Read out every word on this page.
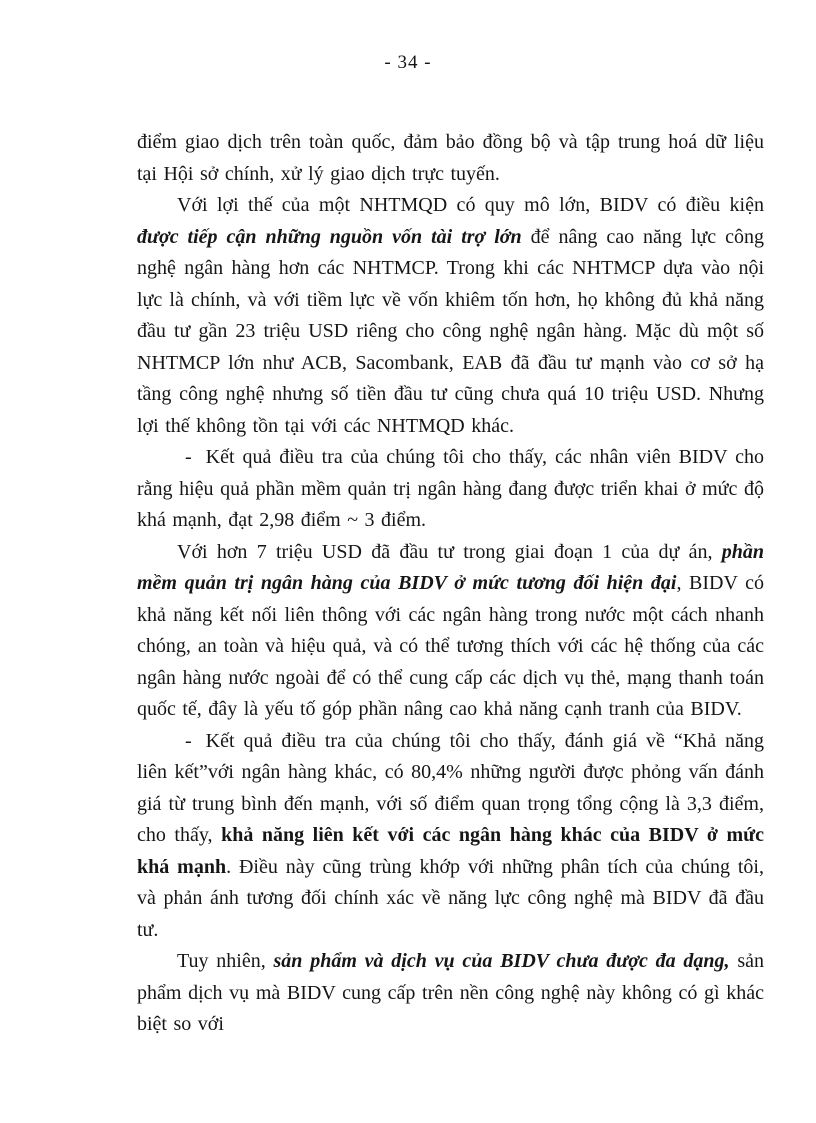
- 34 -

điểm giao dịch trên toàn quốc, đảm bảo đồng bộ và tập trung hoá dữ liệu tại Hội sở chính, xử lý giao dịch trực tuyến.

Với lợi thế của một NHTMQD có quy mô lớn, BIDV có điều kiện được tiếp cận những nguồn vốn tài trợ lớn để nâng cao năng lực công nghệ ngân hàng hơn các NHTMCP. Trong khi các NHTMCP dựa vào nội lực là chính, và với tiềm lực về vốn khiêm tốn hơn, họ không đủ khả năng đầu tư gần 23 triệu USD riêng cho công nghệ ngân hàng. Mặc dù một số NHTMCP lớn như ACB, Sacombank, EAB đã đầu tư mạnh vào cơ sở hạ tầng công nghệ nhưng số tiền đầu tư cũng chưa quá 10 triệu USD. Nhưng lợi thế không tồn tại với các NHTMQD khác.

- Kết quả điều tra của chúng tôi cho thấy, các nhân viên BIDV cho rằng hiệu quả phần mềm quản trị ngân hàng đang được triển khai ở mức độ khá mạnh, đạt 2,98 điểm ~ 3 điểm.

Với hơn 7 triệu USD đã đầu tư trong giai đoạn 1 của dự án, phần mềm quản trị ngân hàng của BIDV ở mức tương đối hiện đại, BIDV có khả năng kết nối liên thông với các ngân hàng trong nước một cách nhanh chóng, an toàn và hiệu quả, và có thể tương thích với các hệ thống của các ngân hàng nước ngoài để có thể cung cấp các dịch vụ thẻ, mạng thanh toán quốc tế, đây là yếu tố góp phần nâng cao khả năng cạnh tranh của BIDV.

- Kết quả điều tra của chúng tôi cho thấy, đánh giá về “Khả năng liên kết”với ngân hàng khác, có 80,4% những người được phỏng vấn đánh giá từ trung bình đến mạnh, với số điểm quan trọng tổng cộng là 3,3 điểm, cho thấy, khả năng liên kết với các ngân hàng khác của BIDV ở mức khá mạnh. Điều này cũng trùng khớp với những phân tích của chúng tôi, và phản ánh tương đối chính xác về năng lực công nghệ mà BIDV đã đầu tư.

Tuy nhiên, sản phẩm và dịch vụ của BIDV chưa được đa dạng, sản phẩm dịch vụ mà BIDV cung cấp trên nền công nghệ này không có gì khác biệt so với
